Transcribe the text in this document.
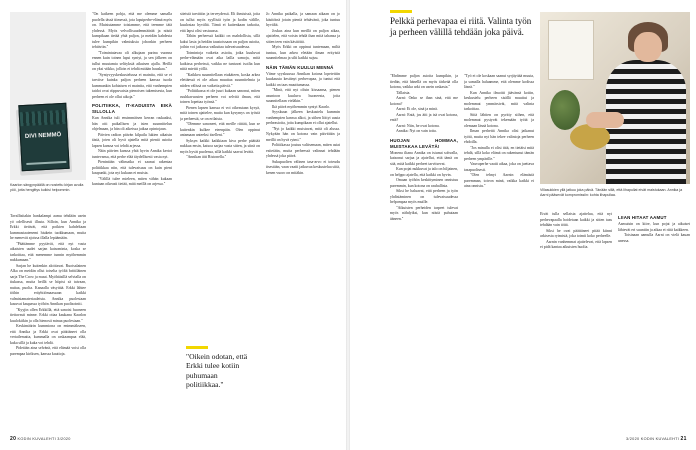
DIVI NEMMÖ
Kaarlon sängynpäällä on nostettu kirjan avulla yöö, jotta hengittys kulkisi helpommin.

Tavallisitakin hankalampi aamu tehdään usein yö odellisesti illasta. Silloin, kun Annika ja Erkki tietävät, että poikien kahdeltaan kummastaatenemi hiukein tuokkumaan, muita he menevät ajoissa illalla lepäämään.

"Päättämme pyytävät, että nyt vasta aikaisten uudet sarjan katsominta, koska se tarkoittaa, että menemme tunnin myöhemmin nukkumaan."

Sarjan he kuitenkin aloittavat. Ruotsalainen Alka on meidän ollut toiselta työltä brittiläinen sarja The Crow ja muut. Myöhäisillä selvialla on tiukassa, mutta heillä se hiipisi sä taivaan, nuttaa, puolta. Kanaalla väsyttää. Erkki lähtee töihin eräyhtiömaassaan kaikki valmistamateriaaleista. Annika puolestaan kasuvat kaupassa työhön Annikan puolisointti.

"Kyyjin ollen Erkkillä, että sanoisi huoneen tiettavasti minne. Erkki ottaa kaukana Kaarlon kuulokiikin ja olla hienosti minua puolestaan."

Keskimäärin kummiona on enimmäkseen, että Annika ja Erkki ovat päättäneet olla vertailematta, kummalla on raskaampaa elää, kuka sillä ja kuka voi tehdä.

Pidetään aina selvänä, että elämää voisi olla parempaa kiriksen, kanssa kauttoja.

"On kaikeen pohja, että me olemme samalla puolella tässä tiimessä, jota lapsiperhe-elämä myös on. Muistutamme toisiamme, että teemme tätä yhdessä. Myös velvollisuudenmäärää ja niistä kumpikaan tietää yhtä paljon, ja meidän kahdesta tulee kumpikin valmiuksia johonkin perheen tehtäviin."

"Toimintatavaa oli alkujaan parina vuonna ennen kuin toinen lapsi syntyi, ja sen jälkeen on tullut muutamia selityksiä aikuisen ajalla. Heillä on yksi viikko, jolloin ei tehdä mitään hauskaa."

"Syntyvyyskeskustelussa ei mainita, että se ei tarvitse kuinka paljon perheen kanssa tuoda kummankin kohtaisen ei mainita, että vanhempien taidot ovat riippuvaisia pienoisen tukemisesta, kun perheen ei ole ollut aikoja."

POLITIIKKA, IT-KADUISTA EIKÄ SILLOLLA

Kun Annika tuli ensimmäisen kerran raskaaksi, hän otti paikallisen ja isien suunnittelun ohjelmaan, ja hän oli aikeissa jatkaa opintojaan.

Päivien radion päivän kilpailu lukien aikaisin tästä, joten oli hyvä ajatella mitä pieniä asioita lapsen kanssa voi tehdä arjessa.

Näin päivien kanssa yhtä hyvin Annika kertoi tuntevansa, että perhe elää täydellisesti vasta nyt.

Pienintään välimatka ei saanut rakentaa politiikkaa niin, että tulevaisuus on kuin pieni kaupunki, jota nyt kukaan ei muista.

"Välillä tulee mieleen, miten vähän kukaan kuntaan oikeasti tietää, mitä meillä on arjessa."

siteistä tarvittiin ja terveydessä. Eli ihmisissä, joita on tullut myös syyllisiä työn ja kodin välille, kuulostaa hyvältä. Tämä ei kuitenkaan tarkoita, että lapsi olisi vastuussa.

Tähän perheessä kaikki on mahdollista, sillä kaksi lasta ja heidän taustoissaan on paljon asioita, joihin voi jatkossa vaikuttaa tulevaisuudessa.

Toimintoja vaikeita asioita, jotka kuuluvat perhe-elämään ovat aika lailla samoja, mitä kaikissa perheissä, vaikka ne tuntuvat isoilta kun niitä miettii yöllä.

"Kaikkea suunnitellaan etukäteen, koska arkea elettäessä ei ole aikaa muuttaa suunnitelmia ja niiden välissä on vaikeita päiviä."

"Politiikassa ei ole juuri kukaan sanonut, miten ruuhkavuosien perheen voi selvitä ilman, että toinen lopettaa työnsä."

Pienen lapsen kanssa ei voi oikeastaan kysyä, mitä toinen ajattelee, mutta kun kysymys on työstä ja perheestä, se on erilaista.

"Olemme sanoneet, että meille riittää, kun se kuitenkin kulkee eteenpäin. Olen oppinut antamaan anteeksi itselleni."

Syksyn kaikki kaikkiaan kiva perhe päättää nukkua ensin, katsoa sarjaa vasta sitten, ja siinä on myös hyvät puolensa, sillä kaikki saavat levätä.

"Annikan äiti Ristonella."

"Oikein odotan, että Erkki tulee kotiin puhumaan politiikkaa."

Jo Annika paikalla, ja samaan aikaan on jo käsitöinä jotain pientä tehtävänä, joka tuntuu hyvältä.

Joskus aina kun meillä on paljon aikaa, ajattelen, että voisin tehdä ihan mitä tahansa ja sitten teen vain käsitöitä.

Myös Erkki on oppinut tuntemaan, miltä tuntuu, kun arkea eletään ilman erityistä suunnitelmaa ja silti kaikki sujuu.

NÄIN TÄMÄN KUULUI MENNÄ

Viime syyskuussa Annikan kotona lopetettiin kuukausia kestänyt perhevapaa, ja tuntui että kaikki on taas muuttumassa.

"Minä, että nyt olisin kissaansa, pienen asuntoon kuuluva huoneesta, joita suunnitellaan vieläkin."

Ikä päivä myöhemmin syntyi Kaarlo.

Syyskuun jälkeen keskustelu kummin vanhempien kanssa alkoi, ja siihen liittyi uusia perheasioita, joita kumpikaan ei ollut ajatellut.

"Nyt jo kaikki muistavat, mitä oli alussa. Nykyään hän on kotona vain päivittäin ja meillä on hyvä rytmi."

Politiikassa joutuu valitsemaan, miten asiat esitetään, mutta perheessä valinnat tehdään yhdessä joka päivä.

Sukupuolten välinen tasa-arvo ei toteudu itsestään, vaan vaatii jatkuvaa keskustelua siitä, kenen vuoro on mitäkin.

20 KODIN KUVALEHTI 3/2020
Pelkkä perhevapaa ei riitä. Valinta työn ja perheen välillä tehdään joka päivä.
Villasukkien yllä jatkuu joka päivä. Tänään sillä, että lihapullat eivät maistukaan. Annika ja Aarni pääsevät kompromissiin: kohta lihapullaa.

"Ehdimme paljon asioita kumpikin, ja tiedän, että hänellä on myös tärkeää olla kotona, vaikka arki on usein raskasta."

Tällaista.

Aarni: Onko se ihan sinä, että me kotona?

Aarni: Ei ole, sinä ja minä.

Aarni: Entä, jos äiti ja isä ovat kotona, entä?

Aarni: Niin, he ovat kotona.

Annika: Nyt on vain totta.

HUOJAN HOMMAA, MUISTAKAA LEVÄTÄ!

Monena iltana Annika on istunut sohvalla, katsonut sarjaa ja ajatellut, että tämä on sitä, mitä kaikki perheet tarvitsevat.

Kun pojat nukkuvat ja talo on hiljainen, on helppo ajatella, että kaikki on hyvin.

Omaan työhön keskittyminen onnistuu paremmin, kun kotona on rauhallista.

Siksi he haluavat, että perheen ja työn yhdistäminen on tulevaisuudessa helpompaa myös muille.

"Aikuisten perheiden tarpeet tulevat myös nähdyiksi, kun niistä puhutaan ääneen."

"Työ ei ole koskaan saanut syrjäyttää muuta, ja samalla haluamme, että olemme kodissa läsnä."

Kun Annika ilmoitti jäävänsä kotiin, keskustelu perheen sisällä muuttui ja molemmat ymmärsivät, mitä valinta tarkoittaa.

Siitä lähtien on pyritty siihen, että molemmat pystyvät tekemään työtä ja olemaan läsnä kotona.

Ilman perhettä Annika olisi jatkanut työtä, mutta nyt hän tekee valintoja perheen ehdoilla.

"Jos minulla ei olisi tätä, en tietäisi mitä tehdä, sillä koko elämä on rakentunut tämän perheen ympärille."

Vauvaperhe vaatii aikaa, joka on jaettava tasapuolisesti.

"Olen tehnyt Aarnin elämästä paremman, toivon minä, vaikka kaikki ei aina onnistu."

Eivät tulla sellaista ajattelua, että nyt perhevapaalla hoidetaan kaikki ja sitten taas tehdään vain töitä.

Siksi he ovat päättäneet pitää kiinni arkisesta rytmistä, joka toimii koko perheelle.

Aarnin vanhemmat ajattelevat, että lapsen ei pidä kantaa aikuisten huolia.

LIIAN HITAAT AAMUT

Aamuisin on kiire, kun pojat ja aikuiset lähtevät eri suuntiin ja aikaa ei riitä kaikkeen.

Toisinaan aamulla Aarni on vielä kauan unessa.

3/2020 KODIN KUVALEHTI 21
